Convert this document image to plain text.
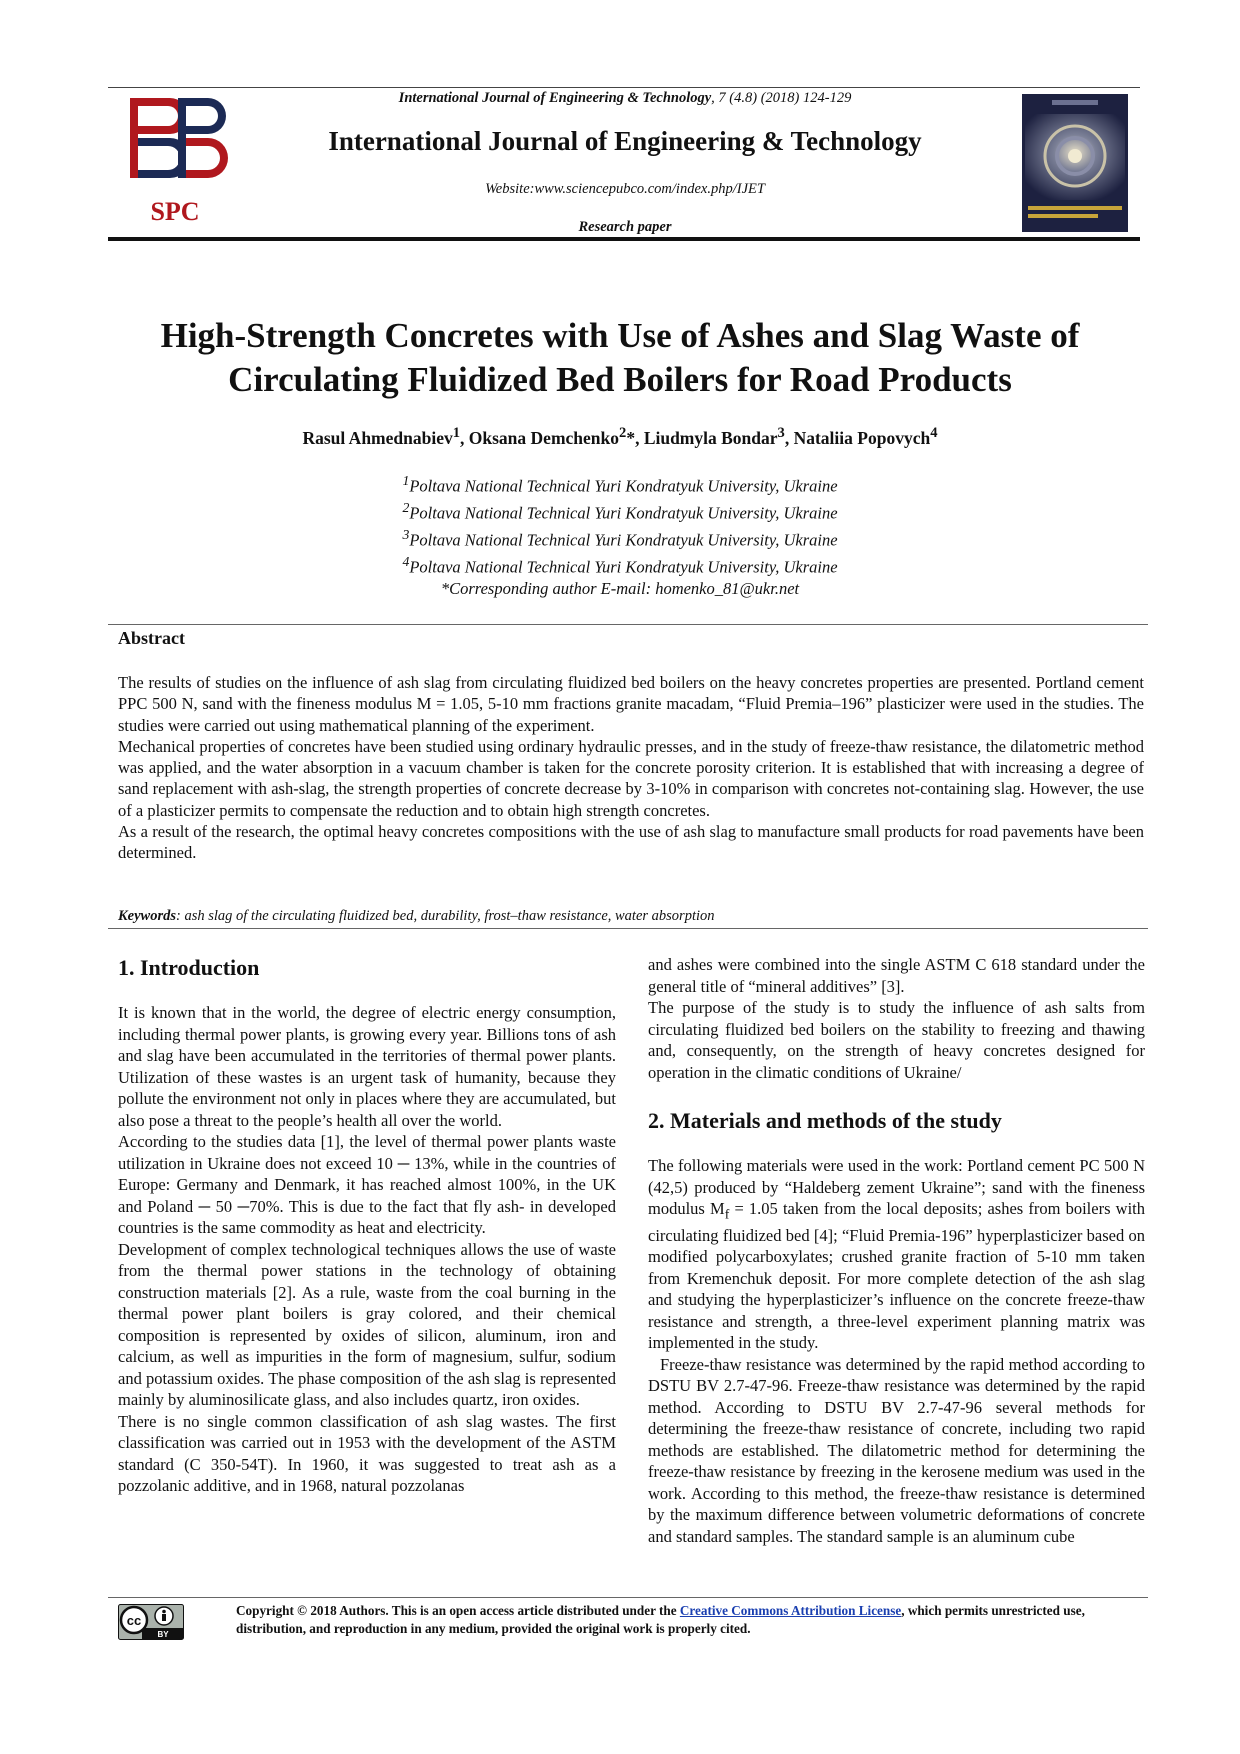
SPC
International Journal of Engineering & Technology, 7 (4.8) (2018) 124-129
International Journal of Engineering & Technology
Website:www.sciencepubco.com/index.php/IJET
Research paper
High-Strength Concretes with Use of Ashes and Slag Waste of
Circulating Fluidized Bed Boilers for Road Products
Rasul Ahmednabiev$^1$, Oksana Demchenko$^2$*, Liudmyla Bondar$^3$, Nataliia Popovych$^4$
$^1$Poltava National Technical Yuri Kondratyuk University, Ukraine
$^2$Poltava National Technical Yuri Kondratyuk University, Ukraine
$^3$Poltava National Technical Yuri Kondratyuk University, Ukraine
$^4$Poltava National Technical Yuri Kondratyuk University, Ukraine
*Corresponding author E-mail: homenko_81@ukr.net
Abstract

The results of studies on the influence of ash slag from circulating fluidized bed boilers on the heavy concretes properties are presented. Portland cement PPC 500 N, sand with the fineness modulus M = 1.05, 5-10 mm fractions granite macadam, “Fluid Premia–196” plasticizer were used in the studies. The studies were carried out using mathematical planning of the experiment.

Mechanical properties of concretes have been studied using ordinary hydraulic presses, and in the study of freeze-thaw resistance, the dilatometric method was applied, and the water absorption in a vacuum chamber is taken for the concrete porosity criterion. It is established that with increasing a degree of sand replacement with ash-slag, the strength properties of concrete decrease by 3-10% in comparison with concretes not-containing slag. However, the use of a plasticizer permits to compensate the reduction and to obtain high strength concretes.

As a result of the research, the optimal heavy concretes compositions with the use of ash slag to manufacture small products for road pavements have been determined.

Keywords: ash slag of the circulating fluidized bed, durability, frost–thaw resistance, water absorption
1. Introduction

It is known that in the world, the degree of electric energy consumption, including thermal power plants, is growing every year. Billions tons of ash and slag have been accumulated in the territories of thermal power plants. Utilization of these wastes is an urgent task of humanity, because they pollute the environment not only in places where they are accumulated, but also pose a threat to the people’s health all over the world.

According to the studies data [1], the level of thermal power plants waste utilization in Ukraine does not exceed 10 ─ 13%, while in the countries of Europe: Germany and Denmark, it has reached almost 100%, in the UK and Poland ─ 50 ─70%. This is due to the fact that fly ash- in developed countries is the same commodity as heat and electricity.

Development of complex technological techniques allows the use of waste from the thermal power stations in the technology of obtaining construction materials [2]. As a rule, waste from the coal burning in the thermal power plant boilers is gray colored, and their chemical composition is represented by oxides of silicon, aluminum, iron and calcium, as well as impurities in the form of magnesium, sulfur, sodium and potassium oxides. The phase composition of the ash slag is represented mainly by aluminosilicate glass, and also includes quartz, iron oxides.

There is no single common classification of ash slag wastes. The first classification was carried out in 1953 with the development of the ASTM standard (C 350-54T). In 1960, it was suggested to treat ash as a pozzolanic additive, and in 1968, natural pozzolanas

and ashes were combined into the single ASTM C 618 standard under the general title of “mineral additives” [3].

The purpose of the study is to study the influence of ash salts from circulating fluidized bed boilers on the stability to freezing and thawing and, consequently, on the strength of heavy concretes designed for operation in the climatic conditions of Ukraine/

2. Materials and methods of the study

The following materials were used in the work: Portland cement PC 500 N (42,5) produced by “Haldeberg zement Ukraine”; sand with the fineness modulus $M_f = 1.05$ taken from the local deposits; ashes from boilers with circulating fluidized bed [4]; “Fluid Premia-196” hyperplasticizer based on modified polycarboxylates; crushed granite fraction of 5-10 mm taken from Kremenchuk deposit. For more complete detection of the ash slag and studying the hyperplasticizer’s influence on the concrete freeze-thaw resistance and strength, a three-level experiment planning matrix was implemented in the study.

Freeze-thaw resistance was determined by the rapid method according to DSTU BV 2.7-47-96. Freeze-thaw resistance was determined by the rapid method. According to DSTU BV 2.7-47-96 several methods for determining the freeze-thaw resistance of concrete, including two rapid methods are established. The dilatometric method for determining the freeze-thaw resistance by freezing in the kerosene medium was used in the work. According to this method, the freeze-thaw resistance is determined by the maximum difference between volumetric deformations of concrete and standard samples. The standard sample is an aluminum cube

cc
BY
Copyright © 2018 Authors. This is an open access article distributed under the Creative Commons Attribution License, which permits unrestricted use, distribution, and reproduction in any medium, provided the original work is properly cited.
